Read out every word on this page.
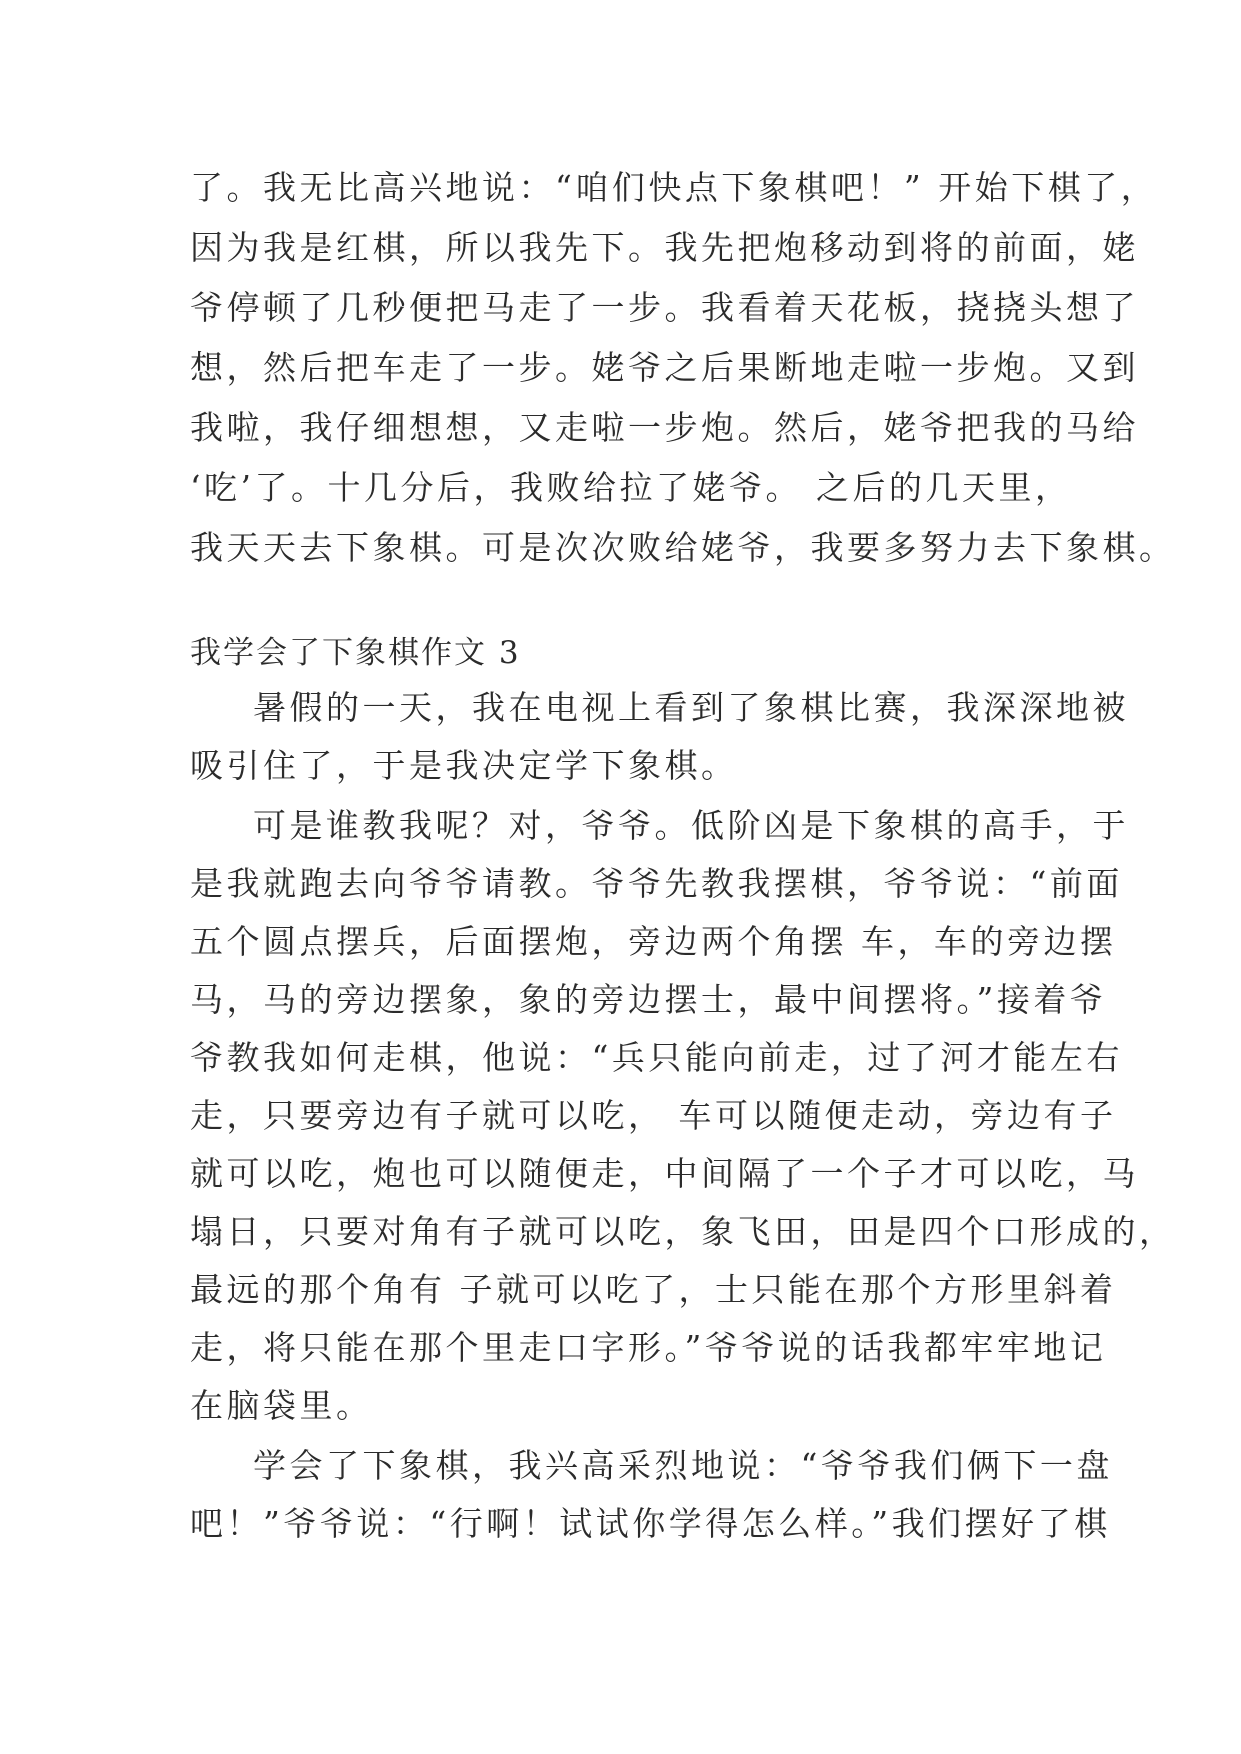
了。我无比高兴地说：“咱们快点下象棋吧！” 开始下棋了，
因为我是红棋，所以我先下。我先把炮移动到将的前面，姥
爷停顿了几秒便把马走了一步。我看着天花板，挠挠头想了
想，然后把车走了一步。姥爷之后果断地走啦一步炮。又到
我啦，我仔细想想，又走啦一步炮。然后，姥爷把我的马给
‘吃’了。十几分后，我败给拉了姥爷。 之后的几天里，
我天天去下象棋。可是次次败给姥爷，我要多努力去下象棋。
我学会了下象棋作文 3
暑假的一天，我在电视上看到了象棋比赛，我深深地被
吸引住了，于是我决定学下象棋。
可是谁教我呢？对，爷爷。低阶凶是下象棋的高手，于
是我就跑去向爷爷请教。爷爷先教我摆棋，爷爷说：“前面
五个圆点摆兵，后面摆炮，旁边两个角摆 车，车的旁边摆
马，马的旁边摆象，象的旁边摆士，最中间摆将。”接着爷
爷教我如何走棋，他说：“兵只能向前走，过了河才能左右
走，只要旁边有子就可以吃， 车可以随便走动，旁边有子
就可以吃，炮也可以随便走，中间隔了一个子才可以吃，马
塌日，只要对角有子就可以吃，象飞田，田是四个口形成的，
最远的那个角有 子就可以吃了，士只能在那个方形里斜着
走，将只能在那个里走口字形。”爷爷说的话我都牢牢地记
在脑袋里。
学会了下象棋，我兴高采烈地说：“爷爷我们俩下一盘
吧！”爷爷说：“行啊！试试你学得怎么样。”我们摆好了棋
